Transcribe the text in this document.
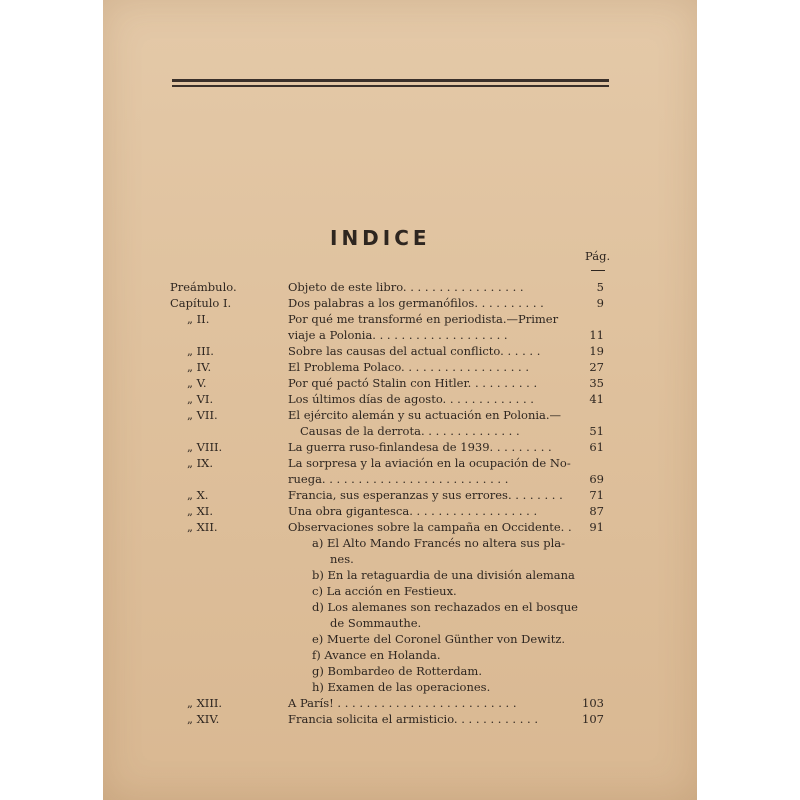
INDICE
Pág.
Preámbulo.	Objeto de este libro. . . . . . . . . . . . . . . . .	5
Capítulo I.	Dos palabras a los germanófilos. . . . . . . . . .	9
„ II.	Por qué me transformé en periodista.—Primer
viaje a Polonia. . . . . . . . . . . . . . . . . . .	11
„ III.	Sobre las causas del actual conflicto. . . . . .	19
„ IV.	El Problema Polaco. . . . . . . . . . . . . . . . . .	27
„ V.	Por qué pactó Stalin con Hitler. . . . . . . . . .	35
„ VI.	Los últimos días de agosto. . . . . . . . . . . . .	41
„ VII.	El ejército alemán y su actuación en Polonia.—
Causas de la derrota. . . . . . . . . . . . . .	51
„ VIII.	La guerra ruso-finlandesa de 1939. . . . . . . . .	61
„ IX.	La sorpresa y la aviación en la ocupación de No-
ruega. . . . . . . . . . . . . . . . . . . . . . . . . .	69
„ X.	Francia, sus esperanzas y sus errores. . . . . . . . 71
„ XI.	Una obra gigantesca. . . . . . . . . . . . . . . . . .	87
„ XII.	Observaciones sobre la campaña en Occidente. . 91
a) El Alto Mando Francés no altera sus pla-
nes.
b) En la retaguardia de una división alemana
c) La acción en Festieux.
d) Los alemanes son rechazados en el bosque
de Sommauthe.
e) Muerte del Coronel Günther von Dewitz.
f) Avance en Holanda.
g) Bombardeo de Rotterdam.
h) Examen de las operaciones.
„ XIII.	A París! . . . . . . . . . . . . . . . . . . . . . . . . .	103
„ XIV.	Francia solicita el armisticio. . . . . . . . . . . .	107
